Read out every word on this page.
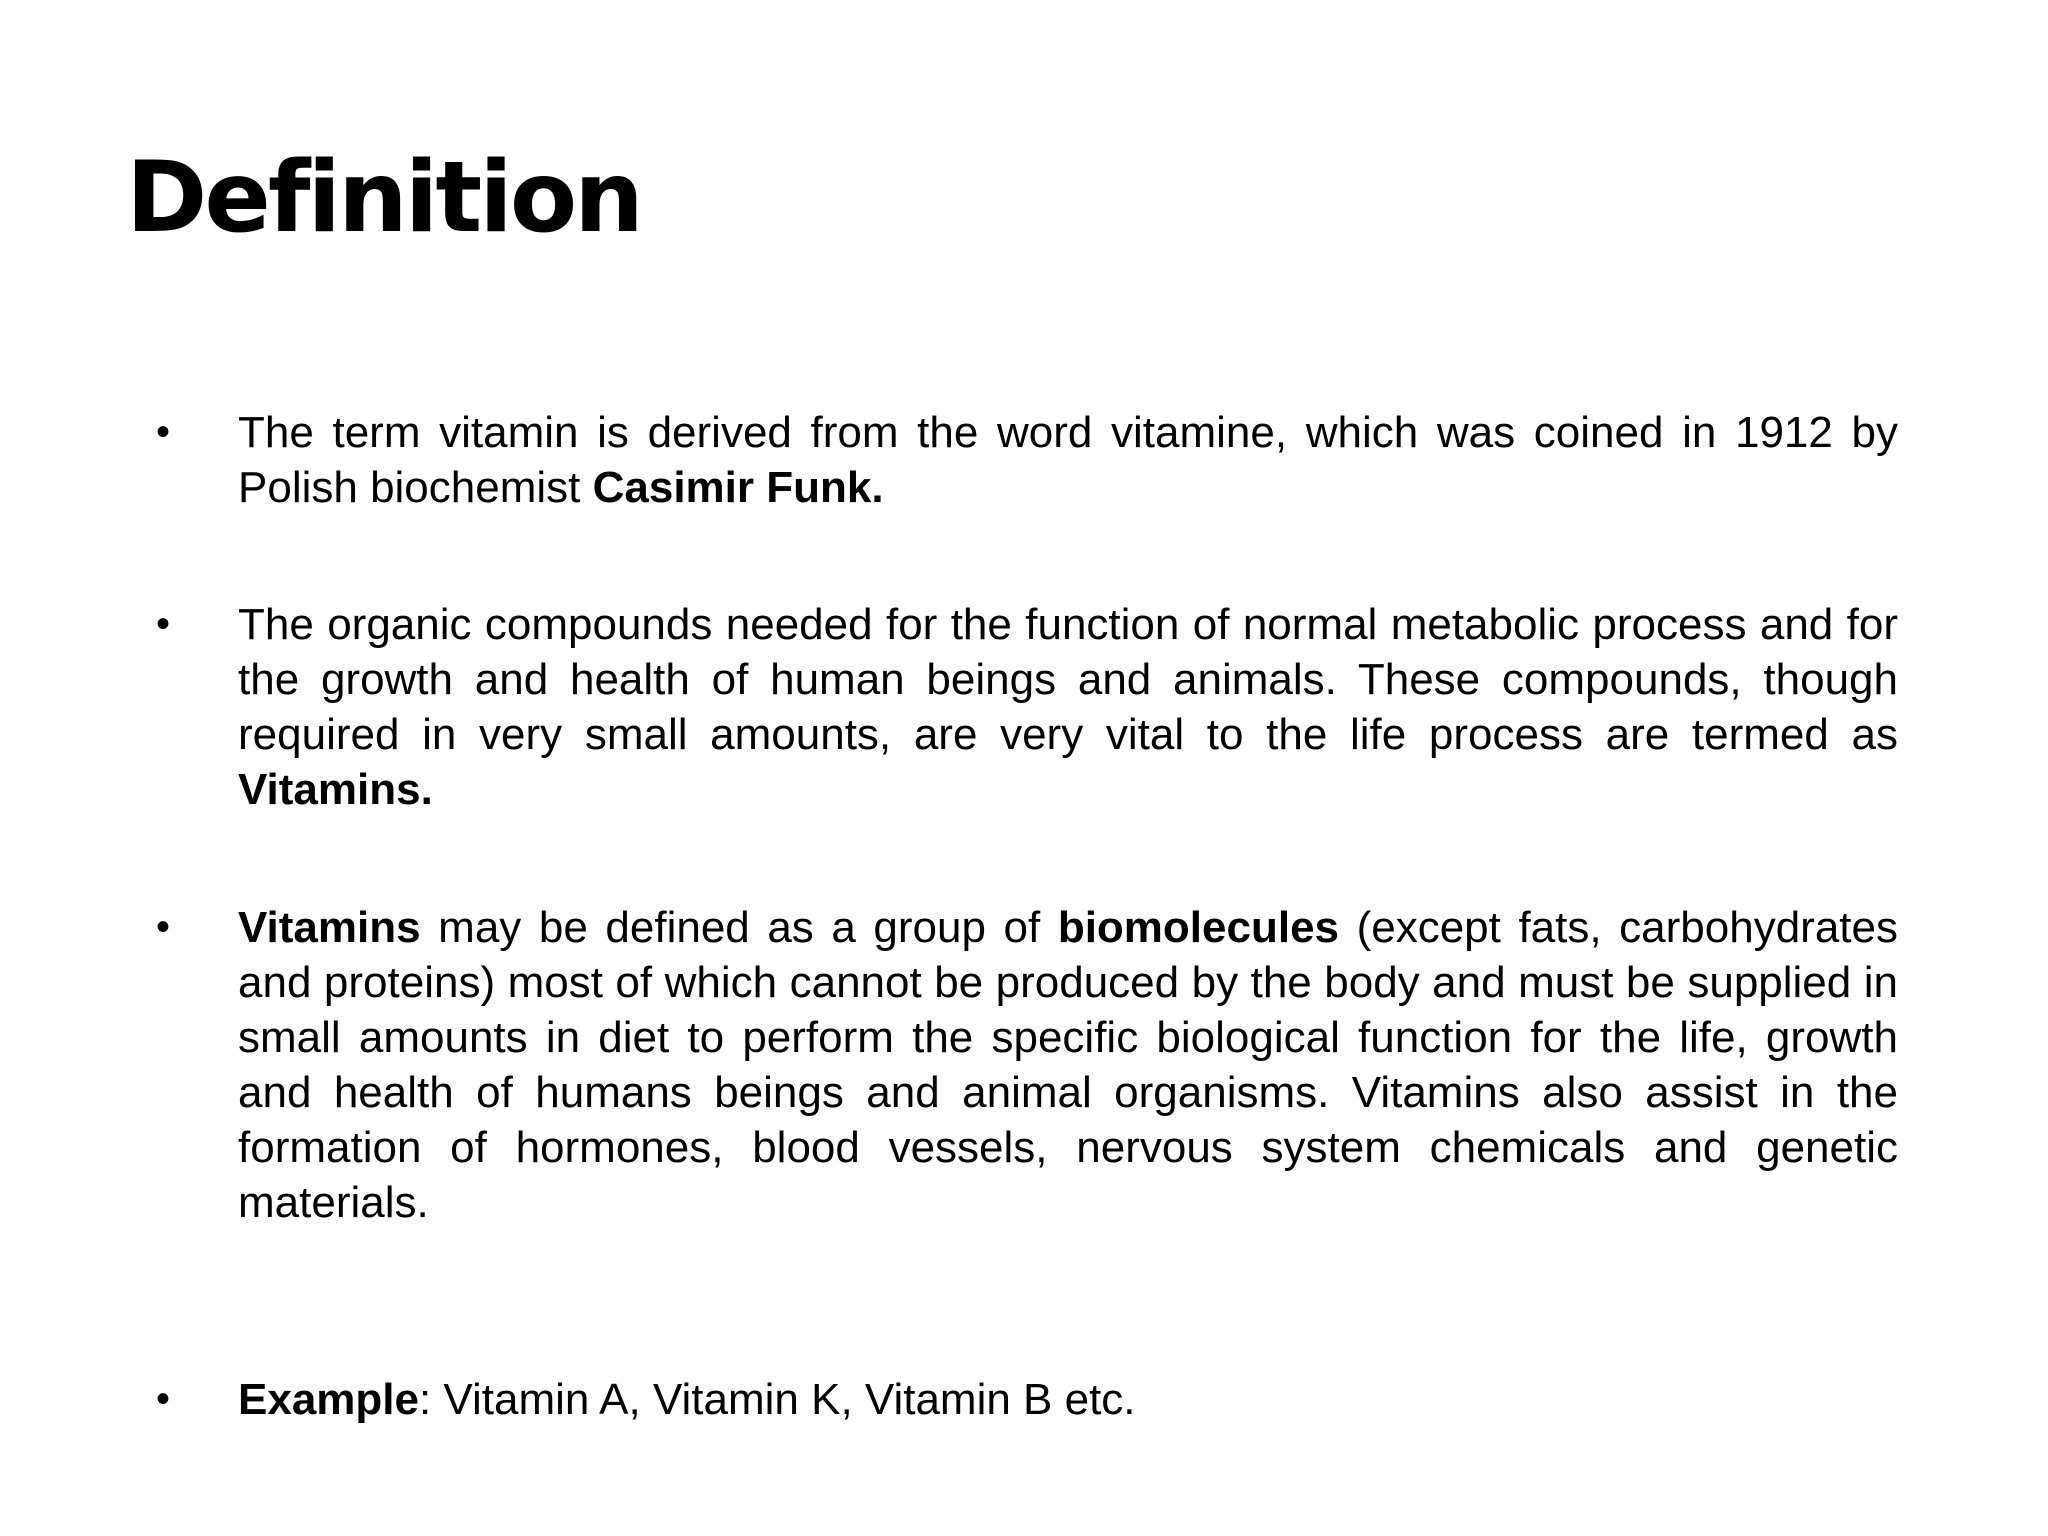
Definition
• The term vitamin is derived from the word vitamine, which was coined in 1912 by Polish biochemist Casimir Funk.
• The organic compounds needed for the function of normal metabolic process and for the growth and health of human beings and animals. These compounds, though required in very small amounts, are very vital to the life process are termed as Vitamins.
• Vitamins may be defined as a group of biomolecules (except fats, carbohydrates and proteins) most of which cannot be produced by the body and must be supplied in small amounts in diet to perform the specific biological function for the life, growth and health of humans beings and animal organisms. Vitamins also assist in the formation of hormones, blood vessels, nervous system chemicals and genetic materials.
• Example: Vitamin A, Vitamin K, Vitamin B etc.
